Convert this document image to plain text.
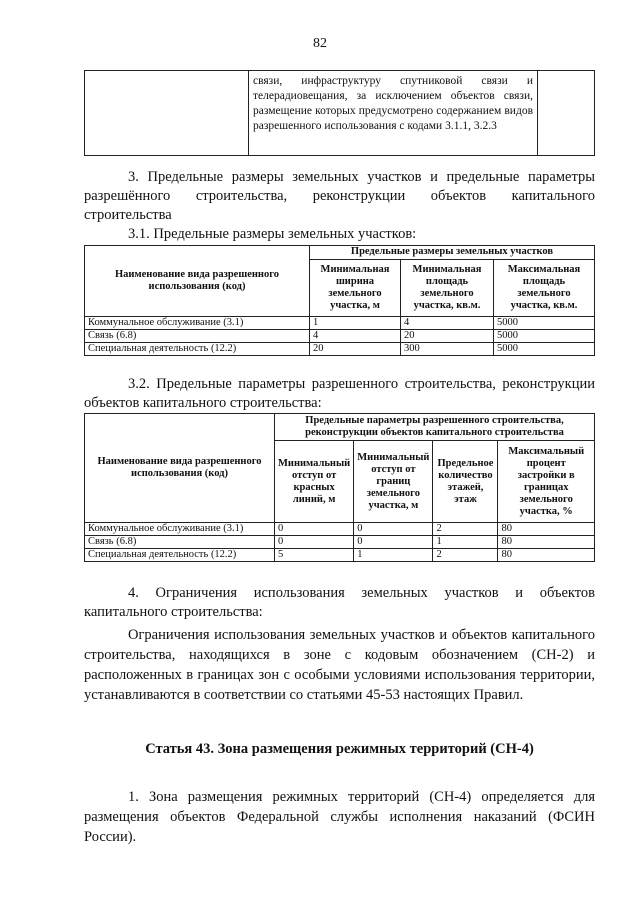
82
	связи, инфраструктуру спутниковой связи и телерадиовещания, за исключением объектов связи, размещение которых предусмотрено содержанием видов разрешенного использования с кодами 3.1.1, 3.2.3	
3. Предельные размеры земельных участков и предельные параметры разрешённого строительства, реконструкции объектов капитального строительства
3.1. Предельные размеры земельных участков:
Наименование вида разрешенного использования (код)	Предельные размеры земельных участков		
	Минимальная ширина земельного участка, м	Минимальная площадь земельного участка, кв.м.	Максимальная площадь земельного участка, кв.м.
Коммунальное обслуживание (3.1)	1	4	5000
Связь (6.8)	4	20	5000
Специальная деятельность (12.2)	20	300	5000
3.2. Предельные параметры разрешенного строительства, реконструкции объектов капитального строительства:
Наименование вида разрешенного использования (код)	Предельные параметры разрешенного строительства, реконструкции объектов капитального строительства			
	Минимальный отступ от красных линий, м	Минимальный отступ от границ земельного участка, м	Предельное количество этажей, этаж	Максимальный процент застройки в границах земельного участка, %
Коммунальное обслуживание (3.1)	0	0	2	80
Связь (6.8)	0	0	1	80
Специальная деятельность (12.2)	5	1	2	80
4. Ограничения использования земельных участков и объектов капитального строительства:
Ограничения использования земельных участков и объектов капитального строительства, находящихся в зоне с кодовым обозначением (СН-2) и расположенных в границах зон с особыми условиями использования территории, устанавливаются в соответствии со статьями 45-53 настоящих Правил.
Статья 43. Зона размещения режимных территорий (СН-4)
1. Зона размещения режимных территорий (СН-4) определяется для размещения объектов Федеральной службы исполнения наказаний (ФСИН России).
